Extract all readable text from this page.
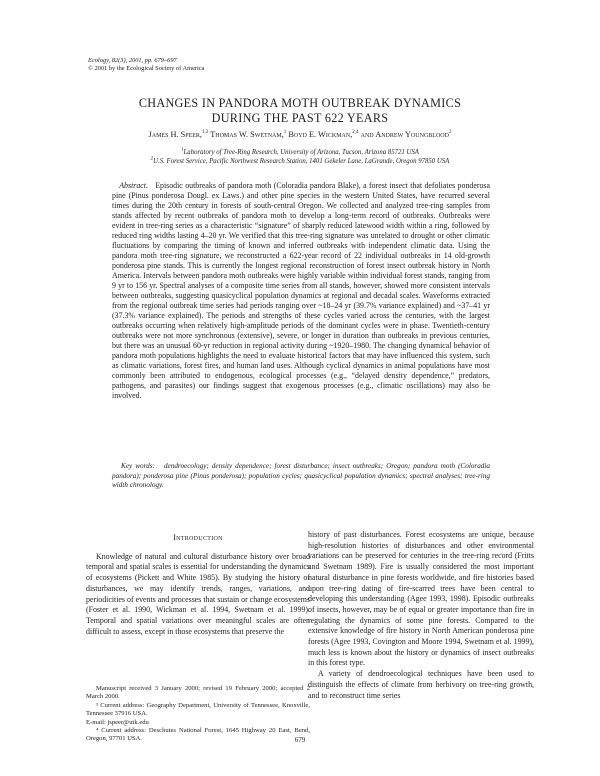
Ecology, 82(3), 2001, pp. 679–697
© 2001 by the Ecological Society of America
CHANGES IN PANDORA MOTH OUTBREAK DYNAMICS
DURING THE PAST 622 YEARS
James H. Speer,$^{1,3}$ Thomas W. Swetnam,$^1$ Boyd E. Wickman,$^{2,4}$ and Andrew Youngblood$^2$
$^1$Laboratory of Tree-Ring Research, University of Arizona, Tucson, Arizona 85721 USA
$^2$U.S. Forest Service, Pacific Northwest Research Station, 1401 Gekeler Lane, LaGrande, Oregon 97850 USA
Abstract. Episodic outbreaks of pandora moth (Coloradia pandora Blake), a forest insect that defoliates ponderosa pine (Pinus ponderosa Dougl. ex Laws.) and other pine species in the western United States, have recurred several times during the 20th century in forests of south-central Oregon. We collected and analyzed tree-ring samples from stands affected by recent outbreaks of pandora moth to develop a long-term record of outbreaks. Outbreaks were evident in tree-ring series as a characteristic “signature” of sharply reduced latewood width within a ring, followed by reduced ring widths lasting 4–20 yr. We verified that this tree-ring signature was unrelated to drought or other climatic fluctuations by comparing the timing of known and inferred outbreaks with independent climatic data. Using the pandora moth tree-ring signature, we reconstructed a 622-year record of 22 individual outbreaks in 14 old-growth ponderosa pine stands. This is currently the longest regional reconstruction of forest insect outbreak history in North America. Intervals between pandora moth outbreaks were highly variable within individual forest stands, ranging from 9 yr to 156 yr. Spectral analyses of a composite time series from all stands, however, showed more consistent intervals between outbreaks, suggesting quasicyclical population dynamics at regional and decadal scales. Waveforms extracted from the regional outbreak time series had periods ranging over ~18–24 yr (39.7% variance explained) and ~37–41 yr (37.3% variance explained). The periods and strengths of these cycles varied across the centuries, with the largest outbreaks occurring when relatively high-amplitude periods of the dominant cycles were in phase. Twentieth-century outbreaks were not more synchronous (extensive), severe, or longer in duration than outbreaks in previous centuries, but there was an unusual 60-yr reduction in regional activity during ~1920–1980. The changing dynamical behavior of pandora moth populations highlights the need to evaluate historical factors that may have influenced this system, such as climatic variations, forest fires, and human land uses. Although cyclical dynamics in animal populations have most commonly been attributed to endogenous, ecological processes (e.g., “delayed density dependence,” predators, pathogens, and parasites) our findings suggest that exogenous processes (e.g., climatic oscillations) may also be involved.
Key words: dendroecology; density dependence; forest disturbance; insect outbreaks; Oregon; pandora moth (Coloradia pandora); ponderosa pine (Pinus ponderosa); population cycles; quasicyclical population dynamics; spectral analyses; tree-ring width chronology.
Introduction

Knowledge of natural and cultural disturbance history over broad temporal and spatial scales is essential for understanding the dynamics of ecosystems (Pickett and White 1985). By studying the history of disturbances, we may identify trends, ranges, variations, and periodicities of events and processes that sustain or change ecosystems (Foster et al. 1990, Wickman et al. 1994, Swetnam et al. 1999). Temporal and spatial variations over meaningful scales are often difficult to assess, except in those ecosystems that preserve the

Manuscript received 3 January 2000; revised 19 February 2000; accepted 2 March 2000.

³ Current address: Geography Department, University of Tennessee, Knoxville, Tennessee 37916 USA.

E-mail: jspeer@utk.edu

⁴ Current address: Deschutes National Forest, 1645 Highway 20 East, Bend, Oregon, 97701 USA.

history of past disturbances. Forest ecosystems are unique, because high-resolution histories of disturbances and other environmental variations can be preserved for centuries in the tree-ring record (Fritts and Swetnam 1989). Fire is usually considered the most important natural disturbance in pine forests worldwide, and fire histories based upon tree-ring dating of fire-scarred trees have been central to developing this understanding (Agee 1993, 1998). Episodic outbreaks of insects, however, may be of equal or greater importance than fire in regulating the dynamics of some pine forests. Compared to the extensive knowledge of fire history in North American ponderosa pine forests (Agee 1993, Covington and Moore 1994, Swetnam et al. 1999), much less is known about the history or dynamics of insect outbreaks in this forest type.

A variety of dendroecological techniques have been used to distinguish the effects of climate from herbivory on tree-ring growth, and to reconstruct time series

679
